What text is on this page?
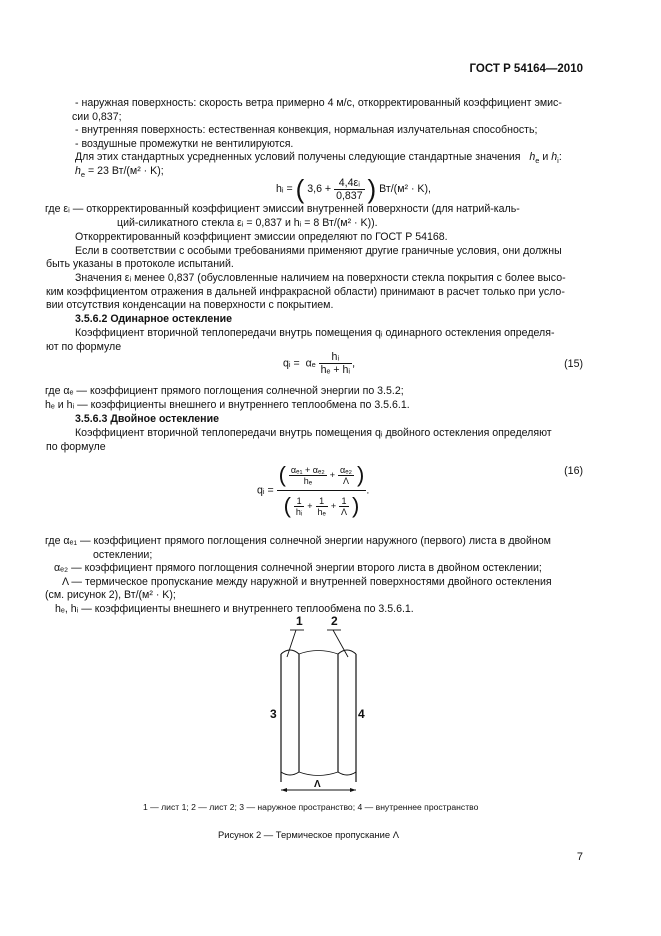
ГОСТ Р 54164—2010
- наружная поверхность: скорость ветра примерно 4 м/с, откорректированный коэффициент эмис-
сии 0,837;
- внутренняя поверхность: естественная конвекция, нормальная излучательная способность;
- воздушные промежутки не вентилируются.
Для этих стандартных усредненных условий получены следующие стандартные значения $h_e$ и $h_i$:
$h_e = 23$ Вт/(м² · K);
hᵢ = ( $3,6 + \frac{\text{4,4εᵢ}}{0,837}$ ) Вт/(м² · K),
где εᵢ — откорректированный коэффициент эмиссии внутренней поверхности (для натрий-каль-
ций-силикатного стекла εᵢ = 0,837 и hᵢ = 8 Вт/(м² · K)).
Откорректированный коэффициент эмиссии определяют по ГОСТ Р 54168.
Если в соответствии с особыми требованиями применяют другие граничные условия, они должны
быть указаны в протоколе испытаний.
Значения εᵢ менее 0,837 (обусловленные наличием на поверхности стекла покрытия с более высо-
ким коэффициентом отражения в дальней инфракрасной области) принимают в расчет только при усло-
вии отсутствия конденсации на поверхности с покрытием.
3.5.6.2 Одинарное остекление
Коэффициент вторичной теплопередачи внутрь помещения qᵢ одинарного остекления определя-
ют по формуле
qᵢ = αₑ $\frac{\text{hᵢ}}{\text{hₑ + hᵢ}}$ ,	(15)
где αₑ — коэффициент прямого поглощения солнечной энергии по 3.5.2;
hₑ и hᵢ — коэффициенты внешнего и внутреннего теплообмена по 3.5.6.1.
3.5.6.3 Двойное остекление
Коэффициент вторичной теплопередачи внутрь помещения qᵢ двойного остекления определяют
по формуле
qᵢ =
( $\frac{\text{αₑ₁ + αₑ₂}}{\text{hₑ}} + \frac{\text{αₑ₂}}{\Lambda}$ )
( $\frac{1}{\text{hᵢ}} + \frac{1}{\text{hₑ}} + \frac{1}{\Lambda}$ )
.
(16)
где αₑ₁ — коэффициент прямого поглощения солнечной энергии наружного (первого) листа в двойном
остеклении;
αₑ₂ — коэффициент прямого поглощения солнечной энергии второго листа в двойном остеклении;
Λ — термическое пропускание между наружной и внутренней поверхностями двойного остекления
(см. рисунок 2), Вт/(м² · K);
hₑ, hᵢ — коэффициенты внешнего и внутреннего теплообмена по 3.5.6.1.
1 2
3	4
Λ
1 — лист 1; 2 — лист 2; 3 — наружное пространство; 4 — внутреннее пространство
Рисунок 2 — Термическое пропускание Λ
7
